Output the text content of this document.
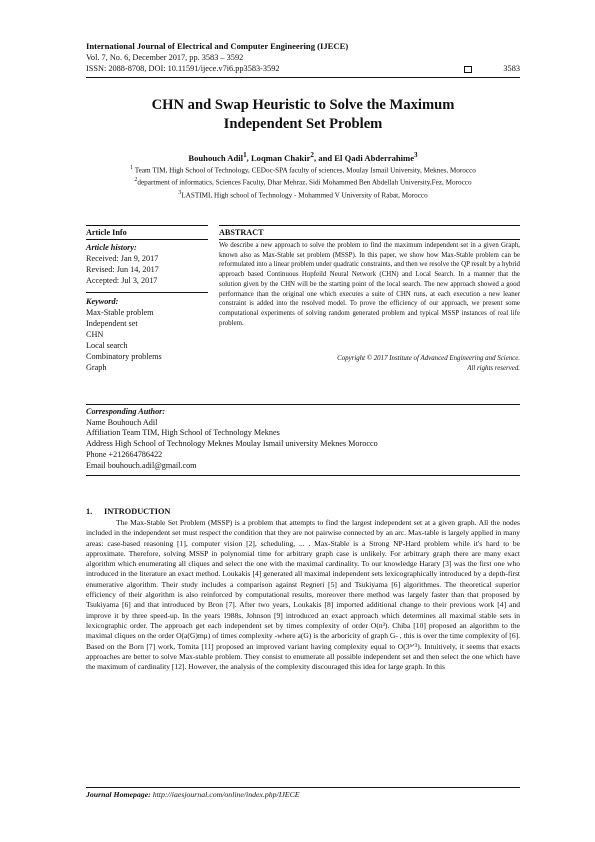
International Journal of Electrical and Computer Engineering (IJECE)
Vol. 7, No. 6, December 2017, pp. 3583 – 3592
ISSN: 2088-8708, DOI: 10.11591/ijece.v7i6.pp3583-3592	3583
CHN and Swap Heuristic to Solve the Maximum
Independent Set Problem
Bouhouch Adil$^1$, Loqman Chakir$^2$, and El Qadi Abderrahime$^3$
$^1$ Team TIM, High School of Technology, CEDoc-SPA faculty of sciences, Moulay Ismail University, Meknes, Morocco
$^2$department of informatics, Sciences Faculty, Dhar Mehraz, Sidi Mohammed Ben Abdellah University,Fez, Morocco
$^3$LASTIMI, High school of Technology - Mohammed V University of Rabat, Morocco
Article Info	ABSTRACT
Article history:
Received: Jan 9, 2017
Revised: Jun 14, 2017
Accepted: Jul 3, 2017
Keyword:
Max-Stable problem
Independent set
CHN
Local search
Combinatory problems
Graph
We describe a new approach to solve the problem to find the maximum independent set in a given Graph, known also as Max-Stable set problem (MSSP). In this paper, we show how Max-Stable problem can be reformulated into a linear problem under quadratic constraints, and then we resolve the QP result by a hybrid approach based Continuous Hopfeild Neural Network (CHN) and Local Search. In a manner that the solution given by the CHN will be the starting point of the local search. The new approach showed a good performance than the original one which executes a suite of CHN runs, at each execution a new leaner constraint is added into the resolved model. To prove the efficiency of our approach, we present some computational experiments of solving random generated problem and typical MSSP instances of real life problem.
Copyright © 2017 Institute of Advanced Engineering and Science.
All rights reserved.
Corresponding Author:
Name Bouhouch Adil
Affiliation Team TIM, High School of Technology Meknes
Address High School of Technology Meknes Moulay Ismail university Meknes Morocco
Phone +212664786422
Email bouhouch.adil@gmail.com
1. INTRODUCTION
The Max-Stable Set Problem (MSSP) is a problem that attempts to find the largest independent set at a given graph. All the nodes included in the independent set must respect the condition that they are not pairwise connected by an arc. Max-table is largely applied in many areas: case-based reasoning [1], computer vision [2], scheduling, ... . Max-Stable is a Strong NP-Hard problem while it's hard to be approximate. Therefore, solving MSSP in polynomial time for arbitrary graph case is unlikely. For arbitrary graph there are many exact algorithm which enumerating all cliques and select the one with the maximal cardinality. To our knowledge Harary [3] was the first one who introduced in the literature an exact method. Loukakis [4] generated all maximal independent sets lexicographically introduced by a depth-first enumerative algorithm. Their study includes a comparison against Regneri [5] and Tsukiyama [6] algorithmes. The theoretical superior efficiency of their algorithm is also reinforced by computational results, moreover there method was largely faster than that proposed by Tsukiyama [6] and that introduced by Bron [7]. After two years, Loukakis [8] imported additional change to their previous work [4] and improve it by three speed-up. In the years 1988s, Johnson [9] introduced an exact approach which determines all maximal stable sets in lexicographic order. The approach get each independent set by times complexity of order O(n³). Chiba [10] proposed an algorithm to the maximal cliques on the order O(a(G)mμ) of times complexity -where a(G) is the arboricity of graph G- , this is over the time complexity of [6]. Based on the Born [7] work, Tomita [11] proposed an improved variant having complexity equal to O(3ⁿᐟ³). Intuitively, it seems that exacts approaches are better to solve Max-stable problem. They consist to enumerate all possible independent set and then select the one which have the maximum of cardinality [12]. However, the analysis of the complexity discouraged this idea for large graph. In this
Journal Homepage: http://iaesjournal.com/online/index.php/IJECE
